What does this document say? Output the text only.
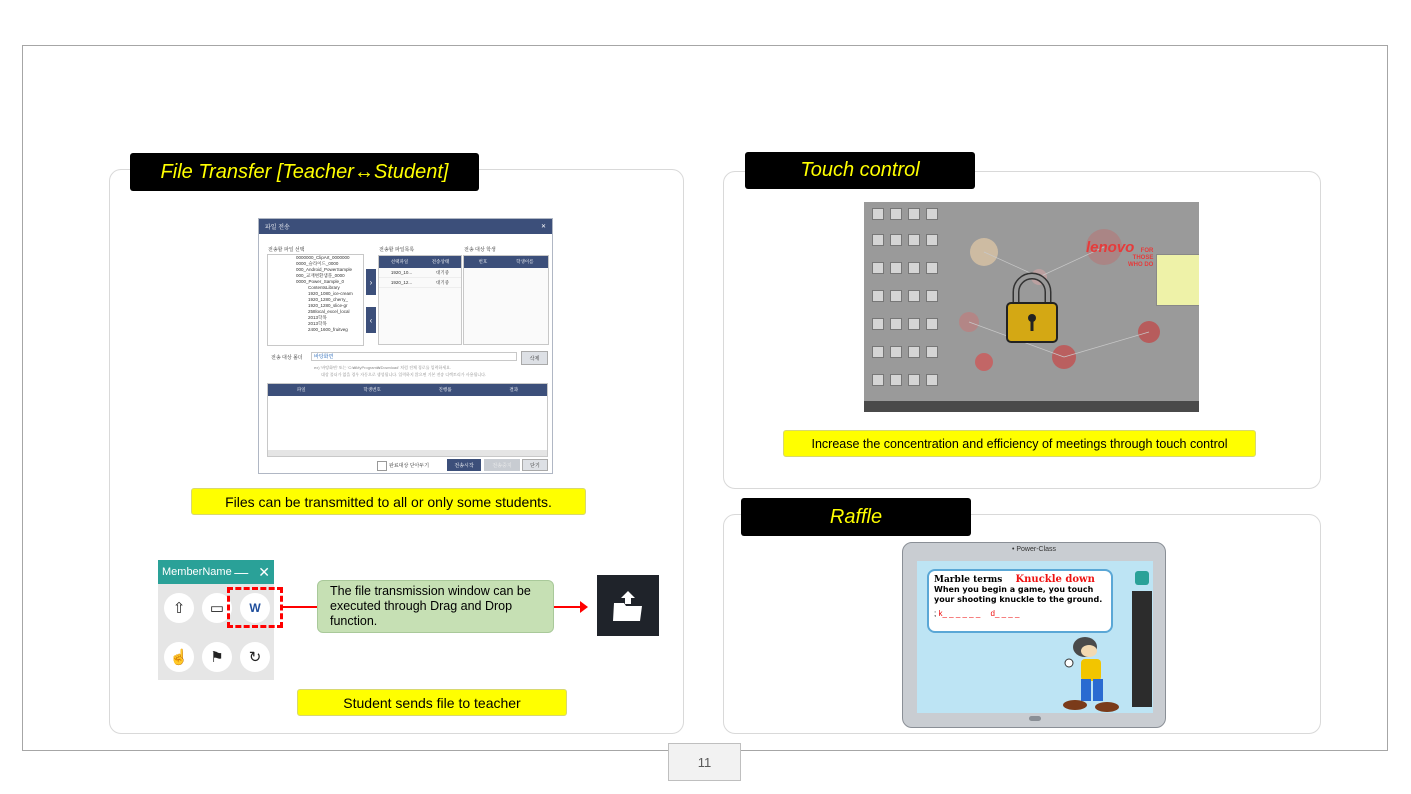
File Transfer [Teacher↔Student]
파일 전송	✕
전송할 파일 선택	전송할 파일목록	전송 대상 학생
0000000_ClipArt_0000000
0000_슬라이드_0000
000_Android_PowerSample
000_교재변환샘플_0000
0000_Power_Sample_0
ContentsLibrary
1920_1080_ice-cream
1920_1280_cherry_
1920_1280_slice-gr
258local_excel_local
2013학목
2013학목
2400_1600_fruitveg
›
‹
선택파일	전송상태
1920_10...	대기중
1920_12...	대기중
번호	학생이름
전송 대상 폴더	바탕화면	삭제
ex) '바탕화면' 또는 'C:₩MyProgram₩Download' 처럼 전체 경로를 입력하세요.
대상 폴더가 없을 경우 자동으로 생성됩니다. 입력하지 않으면 기본 전송 디렉토리가 사용됩니다.
파일	학생번호	진행률	결과
완료대상 닫아두기	전송시작	전송중지	닫기
Files can be transmitted to all or only some students.
MemberName — ✕
⇧	▭	W
☝	⚑	↻
The file transmission window can be executed through Drag and Drop function.
Student sends file to teacher
Touch control
lenovo	FOR
THOSE
WHO DO
Increase the concentration and efficiency of meetings through touch control
Raffle
• Power-Class
Marble terms Knuckle down
When you begin a game, you touch your shooting knuckle to the ground.
; k_ _ _ _ _ _ d_ _ _ _
11
